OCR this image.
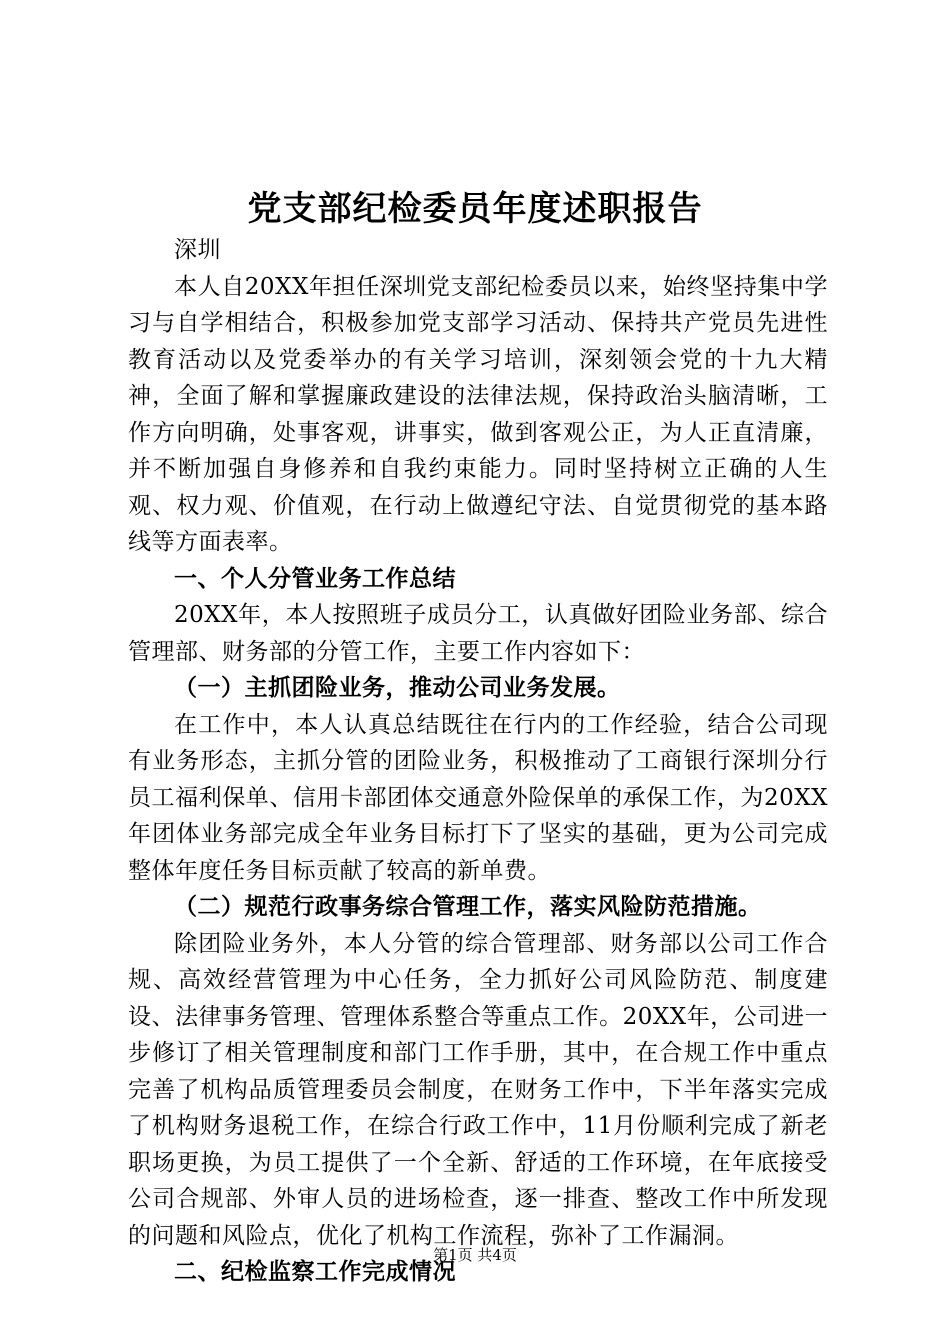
党支部纪检委员年度述职报告

深圳

本人自20XX年担任深圳党支部纪检委员以来，始终坚持集中学习与自学相结合，积极参加党支部学习活动、保持共产党员先进性教育活动以及党委举办的有关学习培训，深刻领会党的十九大精神，全面了解和掌握廉政建设的法律法规，保持政治头脑清晰，工作方向明确，处事客观，讲事实，做到客观公正，为人正直清廉，并不断加强自身修养和自我约束能力。同时坚持树立正确的人生观、权力观、价值观，在行动上做遵纪守法、自觉贯彻党的基本路线等方面表率。

一、个人分管业务工作总结

20XX年，本人按照班子成员分工，认真做好团险业务部、综合管理部、财务部的分管工作，主要工作内容如下：

（一）主抓团险业务，推动公司业务发展。

在工作中，本人认真总结既往在行内的工作经验，结合公司现有业务形态，主抓分管的团险业务，积极推动了工商银行深圳分行员工福利保单、信用卡部团体交通意外险保单的承保工作，为20XX年团体业务部完成全年业务目标打下了坚实的基础，更为公司完成整体年度任务目标贡献了较高的新单费。

（二）规范行政事务综合管理工作，落实风险防范措施。

除团险业务外，本人分管的综合管理部、财务部以公司工作合规、高效经营管理为中心任务，全力抓好公司风险防范、制度建设、法律事务管理、管理体系整合等重点工作。20XX年，公司进一步修订了相关管理制度和部门工作手册，其中，在合规工作中重点完善了机构品质管理委员会制度，在财务工作中，下半年落实完成了机构财务退税工作，在综合行政工作中，11月份顺利完成了新老职场更换，为员工提供了一个全新、舒适的工作环境，在年底接受公司合规部、外审人员的进场检查，逐一排查、整改工作中所发现的问题和风险点，优化了机构工作流程，弥补了工作漏洞。

二、纪检监察工作完成情况

第1页 共4页
